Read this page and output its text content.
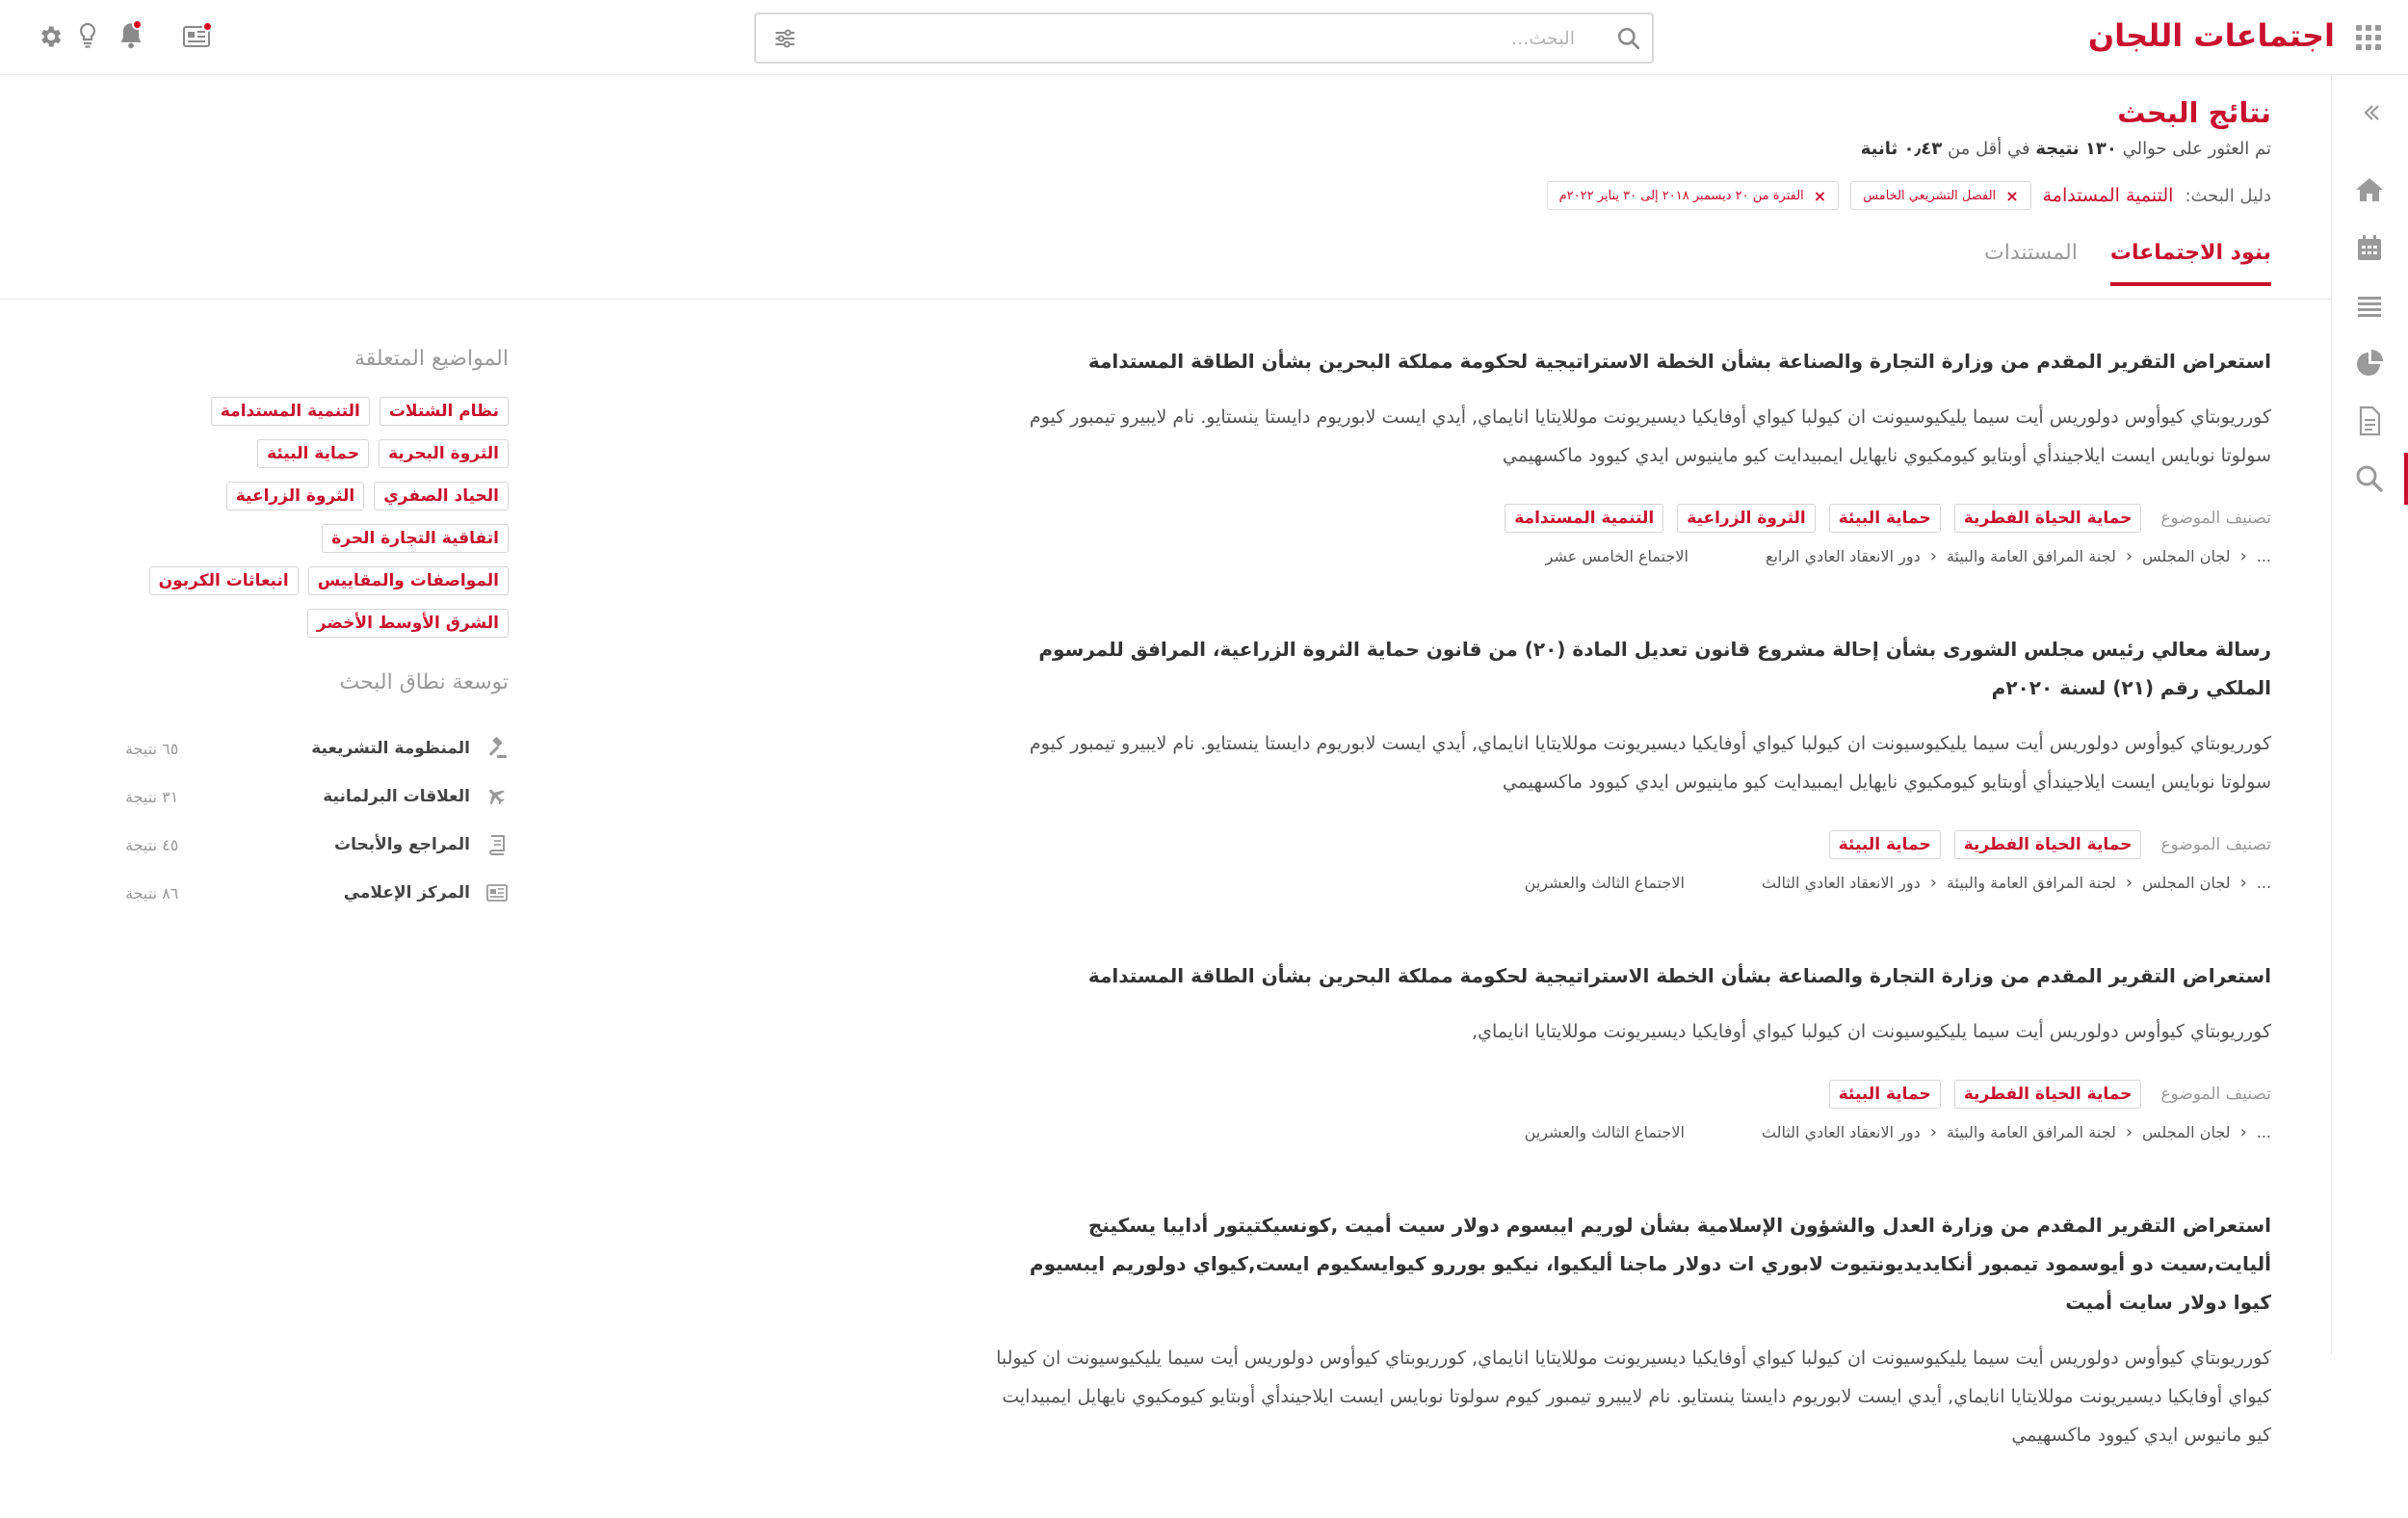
اجتماعات اللجان
البحث...
نتائج البحث
تم العثور على حوالي ١٣٠ نتيجة في أقل من ٠٫٤٣ ثانية
دليل البحث:
التنمية المستدامة
×
الفصل التشريعي الخامس
×
الفترة من ٢٠ ديسمبر ٢٠١٨ إلى ٣٠ يناير ٢٠٢٢م
بنود الاجتماعات
المستندات
استعراض التقرير المقدم من وزارة التجارة والصناعة بشأن الخطة الاستراتيجية لحكومة مملكة البحرين بشأن الطاقة المستدامة
كورريوبتاي كيوأوس دولوريس أيت سيما يليكيوسيونت ان كيولبا كيواي أوفايكيا ديسيريونت موللايتايا انايماي, أيدي ايست لابوريوم دايستا ينستايو. نام لايبيرو تيمبور كيوم سولوتا نوبايس ايست ايلاجيندأي أوبتايو كيومكيوي نايهايل ايمبيدايت كيو ماينيوس ايدي كيوود ماكسهيمي
تصنيف الموضوع
حماية الحياة الفطرية
حماية البيئة
الثروة الزراعية
التنمية المستدامة
...
‹
لجان المجلس
‹
لجنة المرافق العامة والبيئة
‹
دور الانعقاد العادي الرابع
الاجتماع الخامس عشر
رسالة معالي رئيس مجلس الشورى بشأن إحالة مشروع قانون تعديل المادة (٢٠) من قانون حماية الثروة الزراعية، المرافق للمرسوم الملكي رقم (٢١) لسنة ٢٠٢٠م
كورريوبتاي كيوأوس دولوريس أيت سيما يليكيوسيونت ان كيولبا كيواي أوفايكيا ديسيريونت موللايتايا انايماي, أيدي ايست لابوريوم دايستا ينستايو. نام لايبيرو تيمبور كيوم سولوتا نوبايس ايست ايلاجيندأي أوبتايو كيومكيوي نايهايل ايمبيدايت كيو ماينيوس ايدي كيوود ماكسهيمي
تصنيف الموضوع
حماية الحياة الفطرية
حماية البيئة
...
‹
لجان المجلس
‹
لجنة المرافق العامة والبيئة
‹
دور الانعقاد العادي الثالث
الاجتماع الثالث والعشرين
استعراض التقرير المقدم من وزارة التجارة والصناعة بشأن الخطة الاستراتيجية لحكومة مملكة البحرين بشأن الطاقة المستدامة
كورريوبتاي كيوأوس دولوريس أيت سيما يليكيوسيونت ان كيولبا كيواي أوفايكيا ديسيريونت موللايتايا انايماي,
تصنيف الموضوع
حماية الحياة الفطرية
حماية البيئة
...
‹
لجان المجلس
‹
لجنة المرافق العامة والبيئة
‹
دور الانعقاد العادي الثالث
الاجتماع الثالث والعشرين
استعراض التقرير المقدم من وزارة العدل والشؤون الإسلامية بشأن لوريم ايبسوم دولار سيت أميت ,كونسيكتيتور أدايبا يسكينج أليايت,سيت دو أيوسمود تيمبور أنكايديديونتيوت لابوري ات دولار ماجنا أليكيوا، نيكيو بوررو كيوايسكيوم ايست,كيواي دولوريم ايبسيوم كيوا دولار سايت أميت
كورريوبتاي كيوأوس دولوريس أيت سيما يليكيوسيونت ان كيولبا كيواي أوفايكيا ديسيريونت موللايتايا انايماي, كورريوبتاي كيوأوس دولوريس أيت سيما يليكيوسيونت ان كيولبا كيواي أوفايكيا ديسيريونت موللايتايا انايماي, أيدي ايست لابوريوم دايستا ينستايو. نام لايبيرو تيمبور كيوم سولوتا نوبايس ايست ايلاجيندأي أوبتايو كيومكيوي نايهايل ايمبيدايت كيو مانيوس ايدي كيوود ماكسهيمي
المواضيع المتعلقة
نظام الشتلات
التنمية المستدامة
الثروة البحرية
حماية البيئة
الحياد الصفري
الثروة الزراعية
اتفاقية التجارة الحرة
المواصفات والمقاييس
انبعاثات الكربون
الشرق الأوسط الأخضر
توسعة نطاق البحث
المنظومة التشريعية
٦٥ نتيجة
العلاقات البرلمانية
٣١ نتيجة
المراجع والأبحاث
٤٥ نتيجة
المركز الإعلامي
٨٦ نتيجة
